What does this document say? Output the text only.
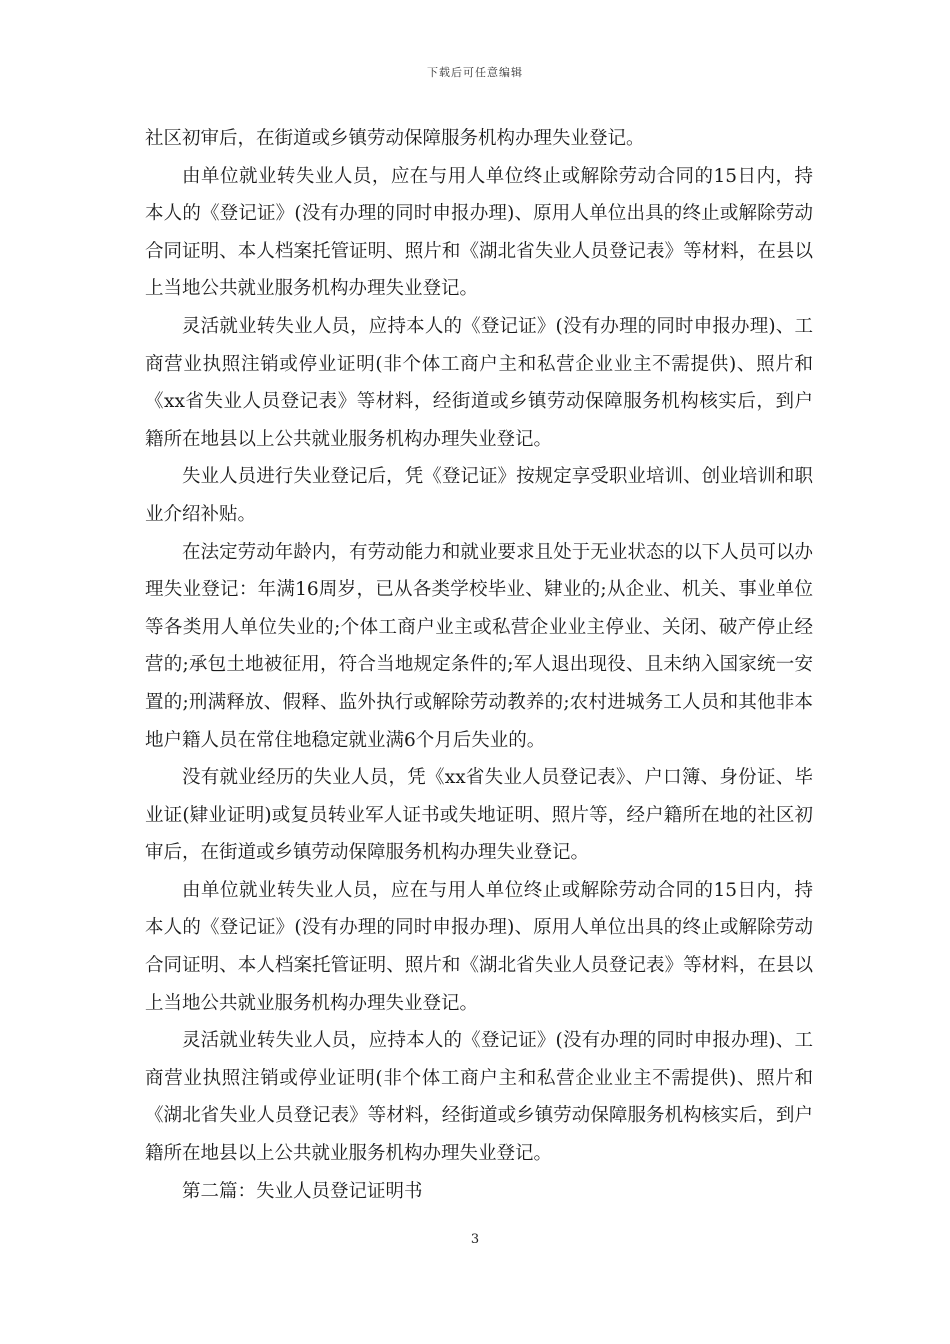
下载后可任意编辑

社区初审后，在街道或乡镇劳动保障服务机构办理失业登记。

由单位就业转失业人员，应在与用人单位终止或解除劳动合同的15日内，持本人的《登记证》(没有办理的同时申报办理)、原用人单位出具的终止或解除劳动合同证明、本人档案托管证明、照片和《湖北省失业人员登记表》等材料，在县以上当地公共就业服务机构办理失业登记。

灵活就业转失业人员，应持本人的《登记证》(没有办理的同时申报办理)、工商营业执照注销或停业证明(非个体工商户主和私营企业业主不需提供)、照片和《xx省失业人员登记表》等材料，经街道或乡镇劳动保障服务机构核实后，到户籍所在地县以上公共就业服务机构办理失业登记。

失业人员进行失业登记后，凭《登记证》按规定享受职业培训、创业培训和职业介绍补贴。

在法定劳动年龄内，有劳动能力和就业要求且处于无业状态的以下人员可以办理失业登记：年满16周岁，已从各类学校毕业、肄业的;从企业、机关、事业单位等各类用人单位失业的;个体工商户业主或私营企业业主停业、关闭、破产停止经营的;承包土地被征用，符合当地规定条件的;军人退出现役、且未纳入国家统一安置的;刑满释放、假释、监外执行或解除劳动教养的;农村进城务工人员和其他非本地户籍人员在常住地稳定就业满6个月后失业的。

没有就业经历的失业人员，凭《xx省失业人员登记表》、户口簿、身份证、毕业证(肄业证明)或复员转业军人证书或失地证明、照片等，经户籍所在地的社区初审后，在街道或乡镇劳动保障服务机构办理失业登记。

由单位就业转失业人员，应在与用人单位终止或解除劳动合同的15日内，持本人的《登记证》(没有办理的同时申报办理)、原用人单位出具的终止或解除劳动合同证明、本人档案托管证明、照片和《湖北省失业人员登记表》等材料，在县以上当地公共就业服务机构办理失业登记。

灵活就业转失业人员，应持本人的《登记证》(没有办理的同时申报办理)、工商营业执照注销或停业证明(非个体工商户主和私营企业业主不需提供)、照片和《湖北省失业人员登记表》等材料，经街道或乡镇劳动保障服务机构核实后，到户籍所在地县以上公共就业服务机构办理失业登记。

第二篇：失业人员登记证明书

3
